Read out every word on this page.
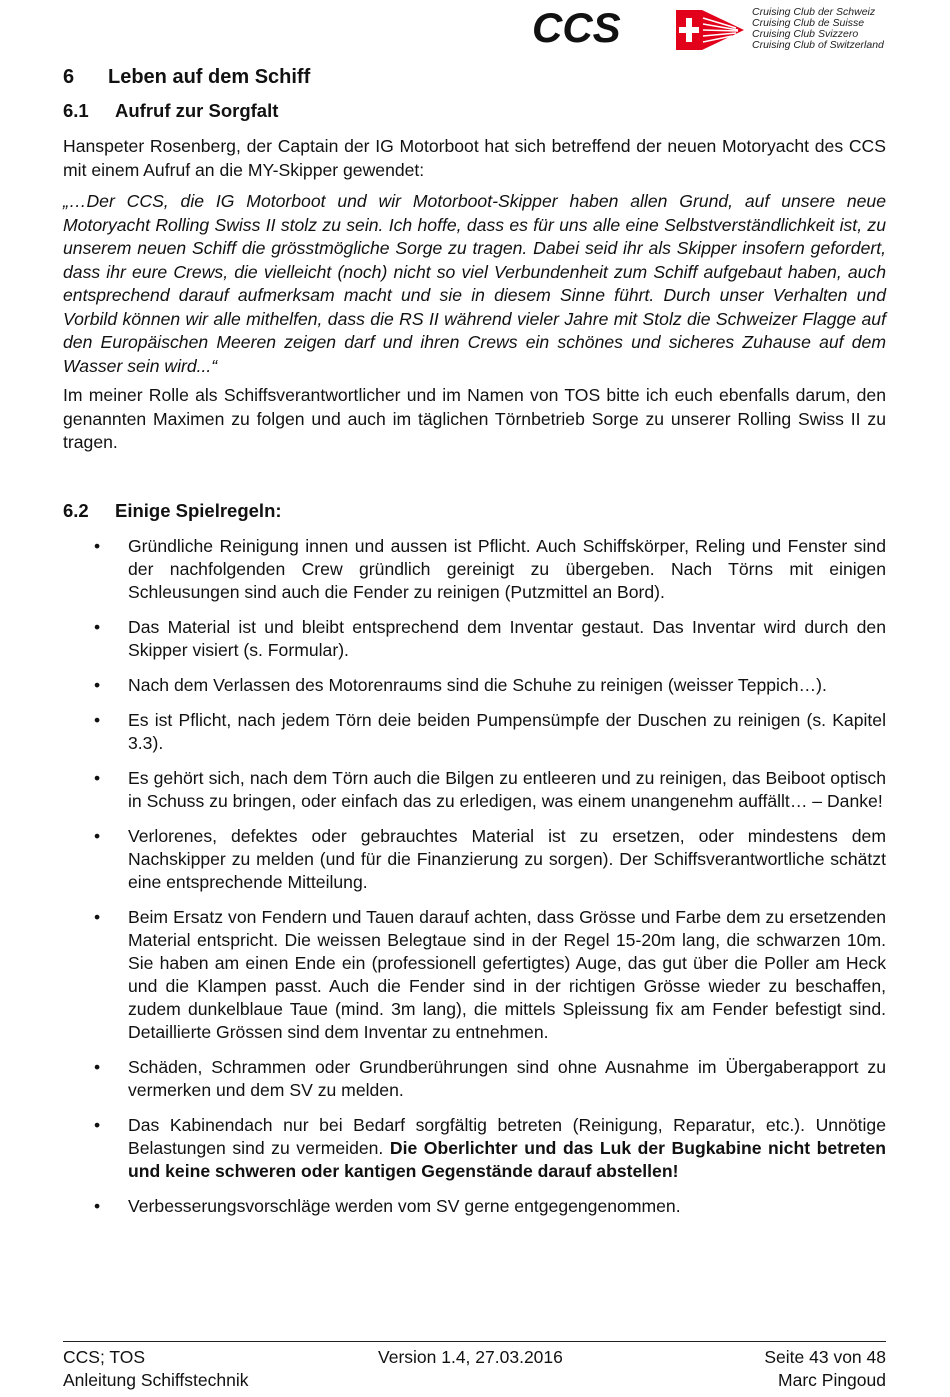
CCS	Cruising Club der Schweiz
Cruising Club de Suisse
Cruising Club Svizzero
Cruising Club of Switzerland
6 Leben auf dem Schiff
6.1 Aufruf zur Sorgfalt

Hanspeter Rosenberg, der Captain der IG Motorboot hat sich betreffend der neuen Motoryacht des CCS mit einem Aufruf an die MY-Skipper gewendet:

„…Der CCS, die IG Motorboot und wir Motorboot-Skipper haben allen Grund, auf unsere neue Motoryacht Rolling Swiss II stolz zu sein. Ich hoffe, dass es für uns alle eine Selbstverständlichkeit ist, zu unserem neuen Schiff die grösstmögliche Sorge zu tragen. Dabei seid ihr als Skipper insofern gefordert, dass ihr eure Crews, die vielleicht (noch) nicht so viel Verbundenheit zum Schiff aufgebaut haben, auch entsprechend darauf aufmerksam macht und sie in diesem Sinne führt. Durch unser Verhalten und Vorbild können wir alle mithelfen, dass die RS II während vieler Jahre mit Stolz die Schweizer Flagge auf den Europäischen Meeren zeigen darf und ihren Crews ein schönes und sicheres Zuhause auf dem Wasser sein wird...“

Im meiner Rolle als Schiffsverantwortlicher und im Namen von TOS bitte ich euch ebenfalls darum, den genannten Maximen zu folgen und auch im täglichen Törnbetrieb Sorge zu unserer Rolling Swiss II zu tragen.

6.2 Einige Spielregeln:
• Gründliche Reinigung innen und aussen ist Pflicht. Auch Schiffskörper, Reling und Fenster sind der nachfolgenden Crew gründlich gereinigt zu übergeben. Nach Törns mit einigen Schleusungen sind auch die Fender zu reinigen (Putzmittel an Bord).
• Das Material ist und bleibt entsprechend dem Inventar gestaut. Das Inventar wird durch den Skipper visiert (s. Formular).
• Nach dem Verlassen des Motorenraums sind die Schuhe zu reinigen (weisser Teppich…).
• Es ist Pflicht, nach jedem Törn deie beiden Pumpensümpfe der Duschen zu reinigen (s. Kapitel 3.3).
• Es gehört sich, nach dem Törn auch die Bilgen zu entleeren und zu reinigen, das Beiboot optisch in Schuss zu bringen, oder einfach das zu erledigen, was einem unangenehm auffällt… – Danke!
• Verlorenes, defektes oder gebrauchtes Material ist zu ersetzen, oder mindestens dem Nachskipper zu melden (und für die Finanzierung zu sorgen). Der Schiffsverantwortliche schätzt eine entsprechende Mitteilung.
• Beim Ersatz von Fendern und Tauen darauf achten, dass Grösse und Farbe dem zu ersetzenden Material entspricht. Die weissen Belegtaue sind in der Regel 15-20m lang, die schwarzen 10m. Sie haben am einen Ende ein (professionell gefertigtes) Auge, das gut über die Poller am Heck und die Klampen passt. Auch die Fender sind in der richtigen Grösse wieder zu beschaffen, zudem dunkelblaue Taue (mind. 3m lang), die mittels Spleissung fix am Fender befestigt sind. Detaillierte Grössen sind dem Inventar zu entnehmen.
• Schäden, Schrammen oder Grundberührungen sind ohne Ausnahme im Übergaberapport zu vermerken und dem SV zu melden.
• Das Kabinendach nur bei Bedarf sorgfältig betreten (Reinigung, Reparatur, etc.). Unnötige Belastungen sind zu vermeiden. Die Oberlichter und das Luk der Bugkabine nicht betreten und keine schweren oder kantigen Gegenstände darauf abstellen!
• Verbesserungsvorschläge werden vom SV gerne entgegengenommen.
CCS; TOS
Anleitung Schiffstechnik
Version 1.4, 27.03.2016	Seite 43 von 48
Marc Pingoud
